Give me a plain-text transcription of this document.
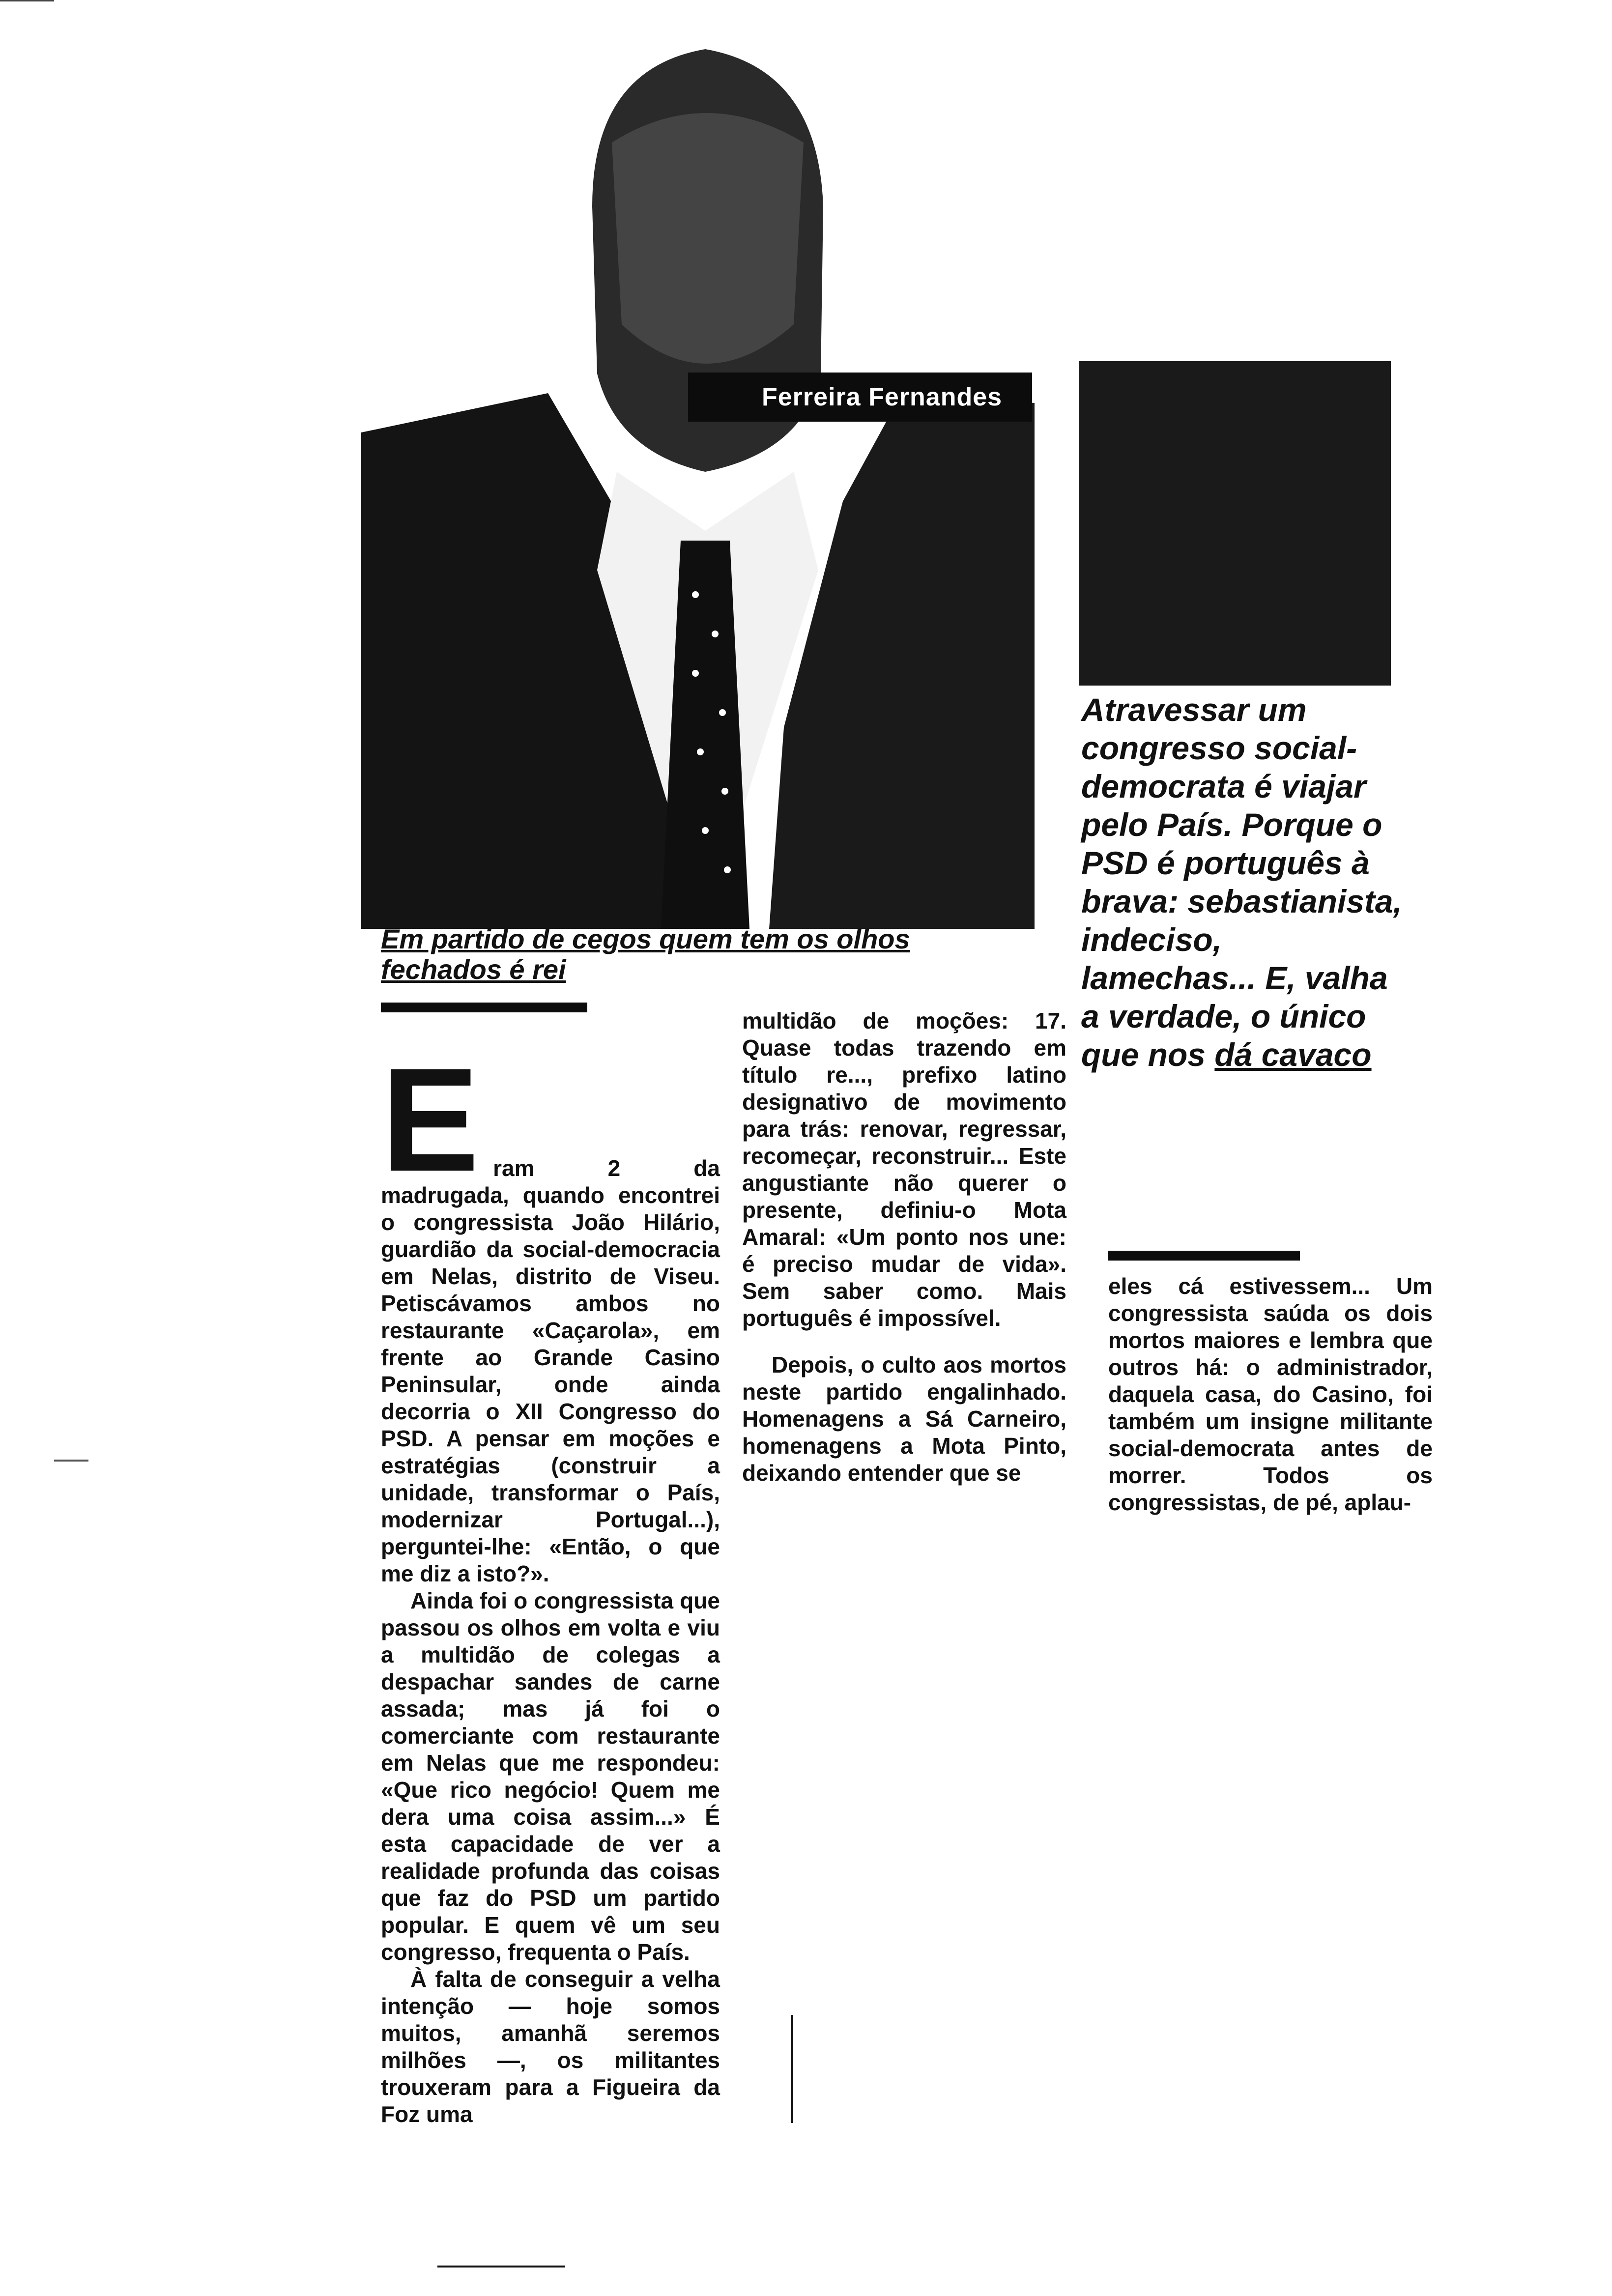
Ferreira Fernandes
Em partido de cegos quem tem os olhos fechados é rei
E ram 2 da madrugada, quando encontrei o congressista João Hilário, guardião da social-democracia em Nelas, distrito de Viseu. Petiscávamos ambos no restaurante «Caçarola», em frente ao Grande Casino Peninsular, onde ainda decorria o XII Congresso do PSD. A pensar em moções e estratégias (construir a unidade, transformar o País, modernizar Portugal...), perguntei-lhe: «Então, o que me diz a isto?».

Ainda foi o congressista que passou os olhos em volta e viu a multidão de colegas a despachar sandes de carne assada; mas já foi o comerciante com restaurante em Nelas que me respondeu: «Que rico negócio! Quem me dera uma coisa assim...» É esta capacidade de ver a realidade profunda das coisas que faz do PSD um partido popular. E quem vê um seu congresso, frequenta o País.

À falta de conseguir a velha intenção — hoje somos muitos, amanhã seremos milhões —, os militantes trouxeram para a Figueira da Foz uma

multidão de moções: 17. Quase todas trazendo em título re..., prefixo latino designativo de movimento para trás: renovar, regressar, recomeçar, reconstruir... Este angustiante não querer o presente, definiu-o Mota Amaral: «Um ponto nos une: é preciso mudar de vida». Sem saber como. Mais português é impossível.

Depois, o culto aos mortos neste partido engalinhado. Homenagens a Sá Carneiro, homenagens a Mota Pinto, deixando entender que se

Atravessar um congresso social-democrata é viajar pelo País. Porque o PSD é português à brava: sebastianista, indeciso, lamechas... E, valha a verdade, o único que nos dá cavaco

eles cá estivessem... Um congressista saúda os dois mortos maiores e lembra que outros há: o administrador, daquela casa, do Casino, foi também um insigne militante social-democrata antes de morrer. Todos os congressistas, de pé, aplau-
